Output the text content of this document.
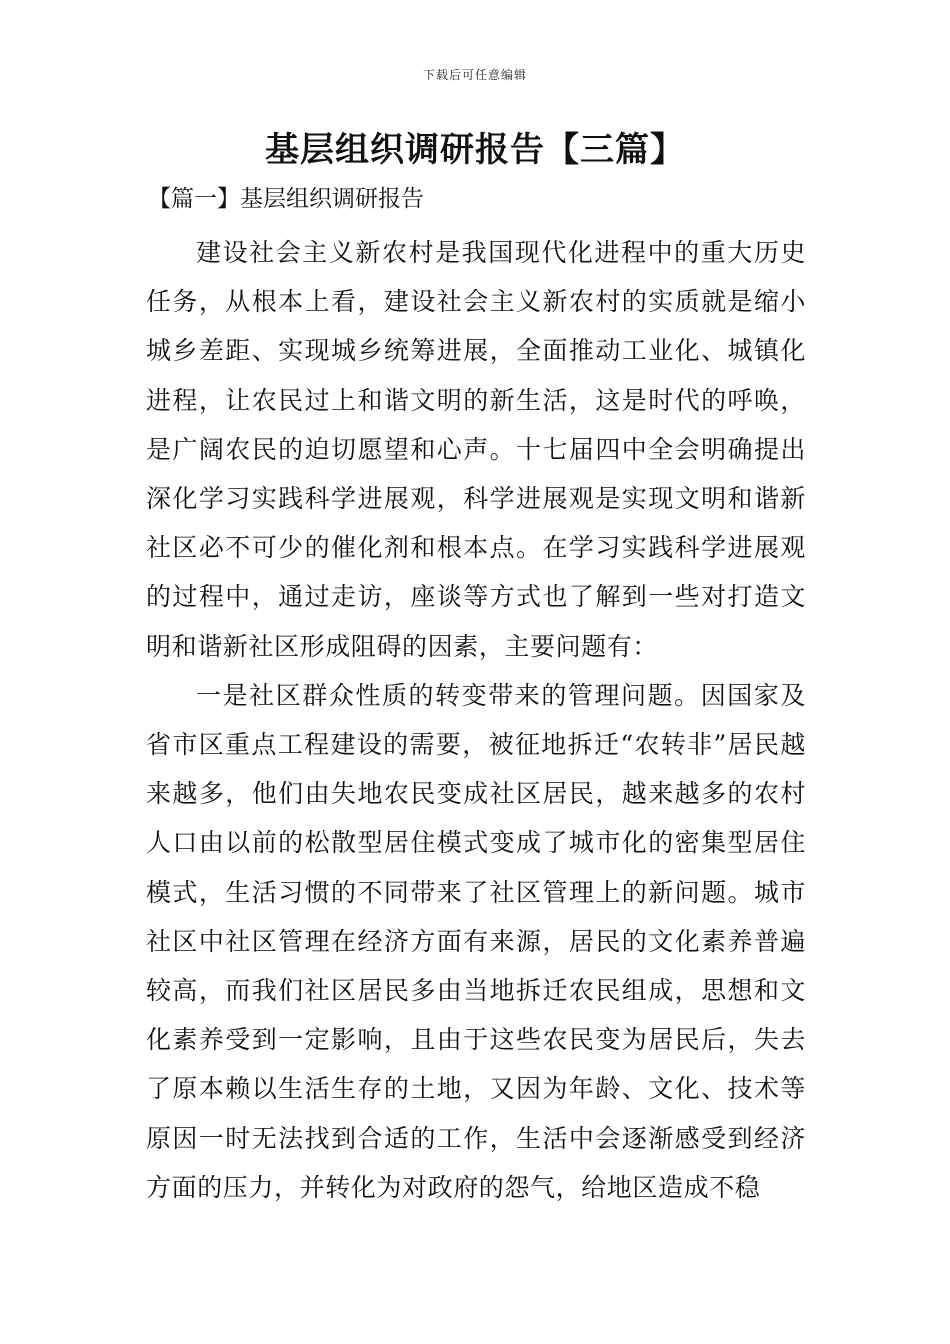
下载后可任意编辑
基层组织调研报告【三篇】
【篇一】基层组织调研报告

建设社会主义新农村是我国现代化进程中的重大历史任务，从根本上看，建设社会主义新农村的实质就是缩小城乡差距、实现城乡统筹进展，全面推动工业化、城镇化进程，让农民过上和谐文明的新生活，这是时代的呼唤，是广阔农民的迫切愿望和心声。十七届四中全会明确提出深化学习实践科学进展观，科学进展观是实现文明和谐新社区必不可少的催化剂和根本点。在学习实践科学进展观的过程中，通过走访，座谈等方式也了解到一些对打造文明和谐新社区形成阻碍的因素，主要问题有：

一是社区群众性质的转变带来的管理问题。因国家及省市区重点工程建设的需要，被征地拆迁“农转非”居民越来越多，他们由失地农民变成社区居民，越来越多的农村人口由以前的松散型居住模式变成了城市化的密集型居住模式，生活习惯的不同带来了社区管理上的新问题。城市社区中社区管理在经济方面有来源，居民的文化素养普遍较高，而我们社区居民多由当地拆迁农民组成，思想和文化素养受到一定影响，且由于这些农民变为居民后，失去了原本赖以生活生存的土地，又因为年龄、文化、技术等原因一时无法找到合适的工作，生活中会逐渐感受到经济方面的压力，并转化为对政府的怨气，给地区造成不稳
